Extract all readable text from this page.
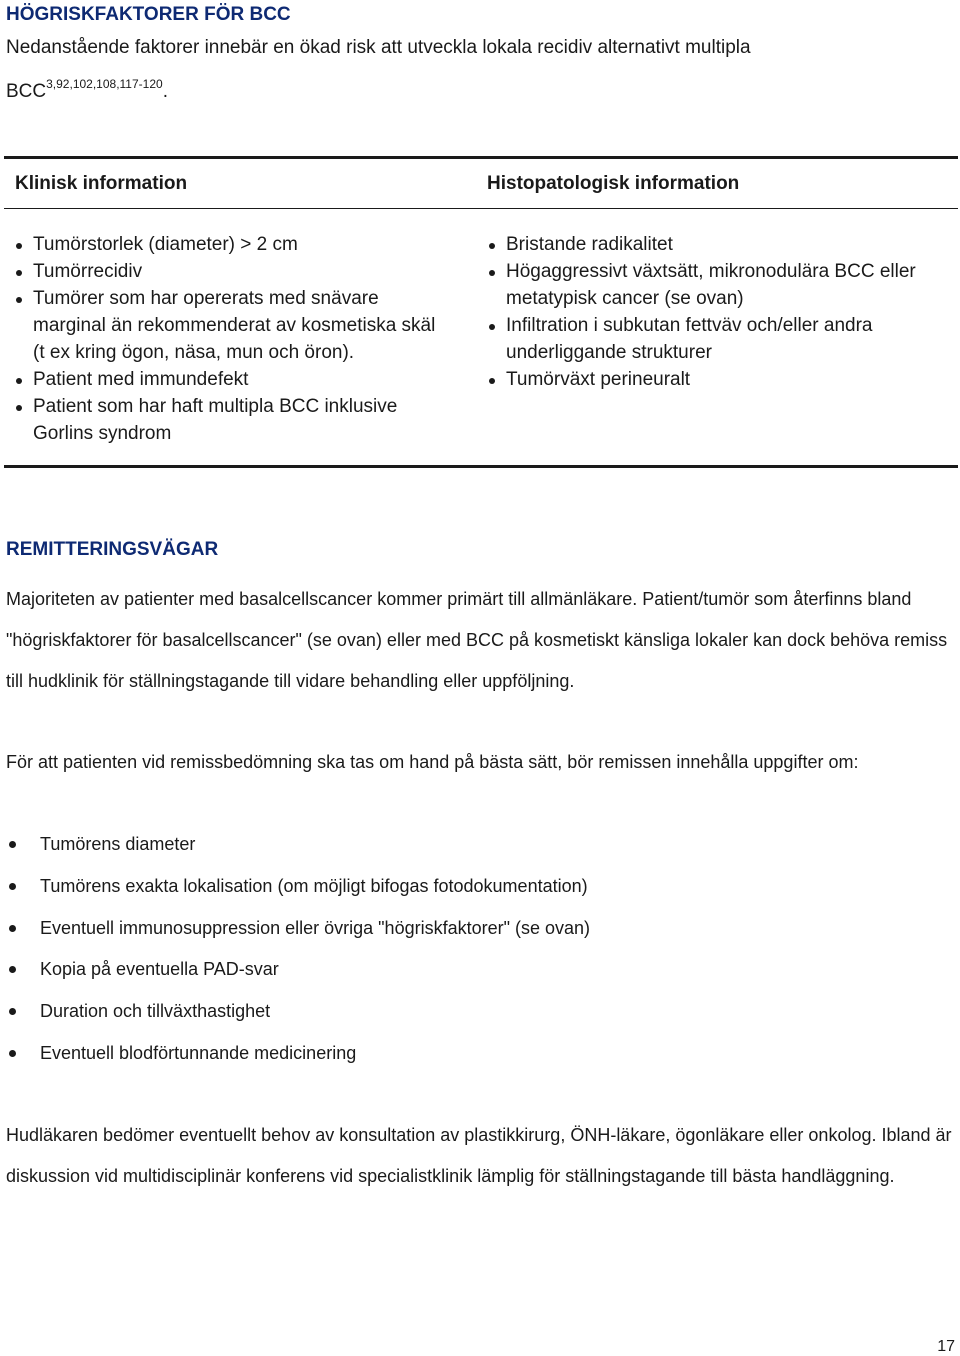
HÖGRISKFAKTORER FÖR BCC
Nedanstående faktorer innebär en ökad risk att utveckla lokala recidiv alternativt multipla
BCC$^{3,92,102,108,117-120}$.
Klinisk information	Histopatologisk information
Tumörstorlek (diameter) > 2 cm
Tumörrecidiv
Tumörer som har opererats med snävare
marginal än rekommenderat av kosmetiska skäl
(t ex kring ögon, näsa, mun och öron).
Patient med immundefekt
Patient som har haft multipla BCC inklusive
Gorlins syndrom
Bristande radikalitet
Högaggressivt växtsätt, mikronodulära BCC eller
metatypisk cancer (se ovan)
Infiltration i subkutan fettväv och/eller andra
underliggande strukturer
Tumörväxt perineuralt
REMITTERINGSVÄGAR
Majoriteten av patienter med basalcellscancer kommer primärt till allmänläkare. Patient/tumör som återfinns bland "högriskfaktorer för basalcellscancer" (se ovan) eller med BCC på kosmetiskt känsliga lokaler kan dock behöva remiss till hudklinik för ställningstagande till vidare behandling eller uppföljning.
För att patienten vid remissbedömning ska tas om hand på bästa sätt, bör remissen innehålla uppgifter om:
Tumörens diameter
Tumörens exakta lokalisation (om möjligt bifogas fotodokumentation)
Eventuell immunosuppression eller övriga "högriskfaktorer" (se ovan)
Kopia på eventuella PAD-svar
Duration och tillväxthastighet
Eventuell blodförtunnande medicinering
Hudläkaren bedömer eventuellt behov av konsultation av plastikkirurg, ÖNH-läkare, ögonläkare eller onkolog. Ibland är diskussion vid multidisciplinär konferens vid specialistklinik lämplig för ställningstagande till bästa handläggning.
17
